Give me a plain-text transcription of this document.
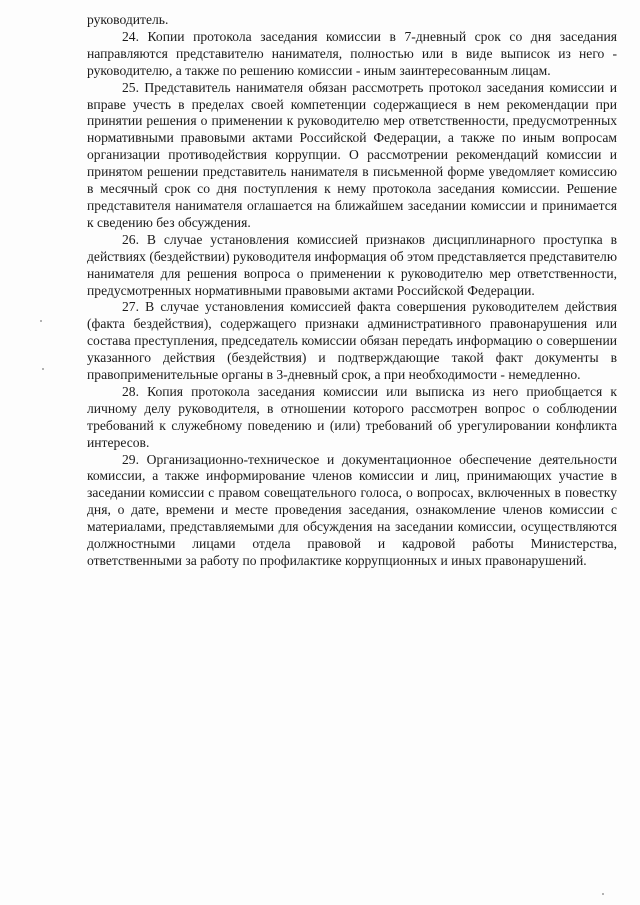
руководитель.

24. Копии протокола заседания комиссии в 7-дневный срок со дня заседания направляются представителю нанимателя, полностью или в виде выписок из него - руководителю, а также по решению комиссии - иным заинтересованным лицам.

25. Представитель нанимателя обязан рассмотреть протокол заседания комиссии и вправе учесть в пределах своей компетенции содержащиеся в нем рекомендации при принятии решения о применении к руководителю мер ответственности, предусмотренных нормативными правовыми актами Российской Федерации, а также по иным вопросам организации противодействия коррупции. О рассмотрении рекомендаций комиссии и принятом решении представитель нанимателя в письменной форме уведомляет комиссию в месячный срок со дня поступления к нему протокола заседания комиссии. Решение представителя нанимателя оглашается на ближайшем заседании комиссии и принимается к сведению без обсуждения.

26. В случае установления комиссией признаков дисциплинарного проступка в действиях (бездействии) руководителя информация об этом представляется представителю нанимателя для решения вопроса о применении к руководителю мер ответственности, предусмотренных нормативными правовыми актами Российской Федерации.

27. В случае установления комиссией факта совершения руководителем действия (факта бездействия), содержащего признаки административного правонарушения или состава преступления, председатель комиссии обязан передать информацию о совершении указанного действия (бездействия) и подтверждающие такой факт документы в правоприменительные органы в 3-дневный срок, а при необходимости - немедленно.

28. Копия протокола заседания комиссии или выписка из него приобщается к личному делу руководителя, в отношении которого рассмотрен вопрос о соблюдении требований к служебному поведению и (или) требований об урегулировании конфликта интересов.

29. Организационно-техническое и документационное обеспечение деятельности комиссии, а также информирование членов комиссии и лиц, принимающих участие в заседании комиссии с правом совещательного голоса, о вопросах, включенных в повестку дня, о дате, времени и месте проведения заседания, ознакомление членов комиссии с материалами, представляемыми для обсуждения на заседании комиссии, осуществляются должностными лицами отдела правовой и кадровой работы Министерства, ответственными за работу по профилактике коррупционных и иных правонарушений.
